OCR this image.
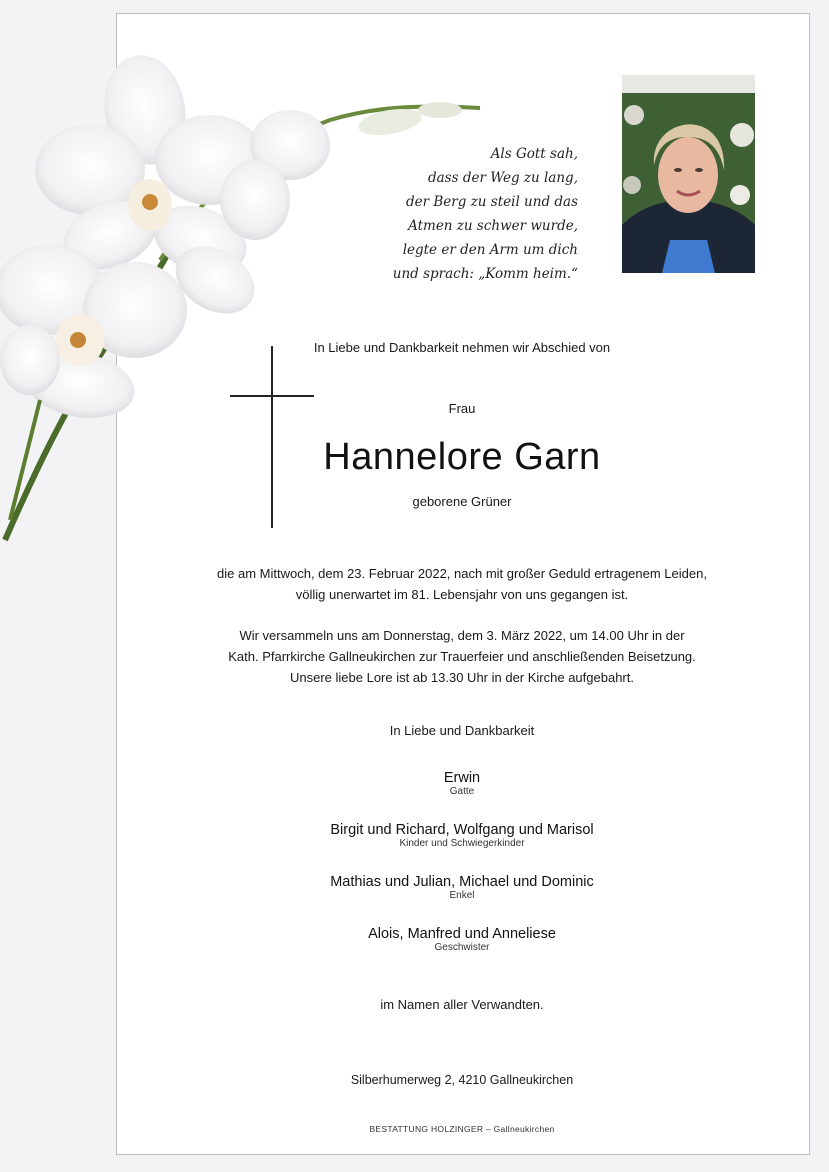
Als Gott sah,
dass der Weg zu lang,
der Berg zu steil und das
Atmen zu schwer wurde,
legte er den Arm um dich
und sprach: „Komm heim.“
In Liebe und Dankbarkeit nehmen wir Abschied von
Frau
Hannelore Garn
geborene Grüner
die am Mittwoch, dem 23. Februar 2022, nach mit großer Geduld ertragenem Leiden,
völlig unerwartet im 81. Lebensjahr von uns gegangen ist.
Wir versammeln uns am Donnerstag, dem 3. März 2022, um 14.00 Uhr in der
Kath. Pfarrkirche Gallneukirchen zur Trauerfeier und anschließenden Beisetzung.
Unsere liebe Lore ist ab 13.30 Uhr in der Kirche aufgebahrt.
In Liebe und Dankbarkeit
Erwin
Gatte
Birgit und Richard, Wolfgang und Marisol
Kinder und Schwiegerkinder
Mathias und Julian, Michael und Dominic
Enkel
Alois, Manfred und Anneliese
Geschwister
im Namen aller Verwandten.
Silberhumerweg 2, 4210 Gallneukirchen
BESTATTUNG HOLZINGER – Gallneukirchen
